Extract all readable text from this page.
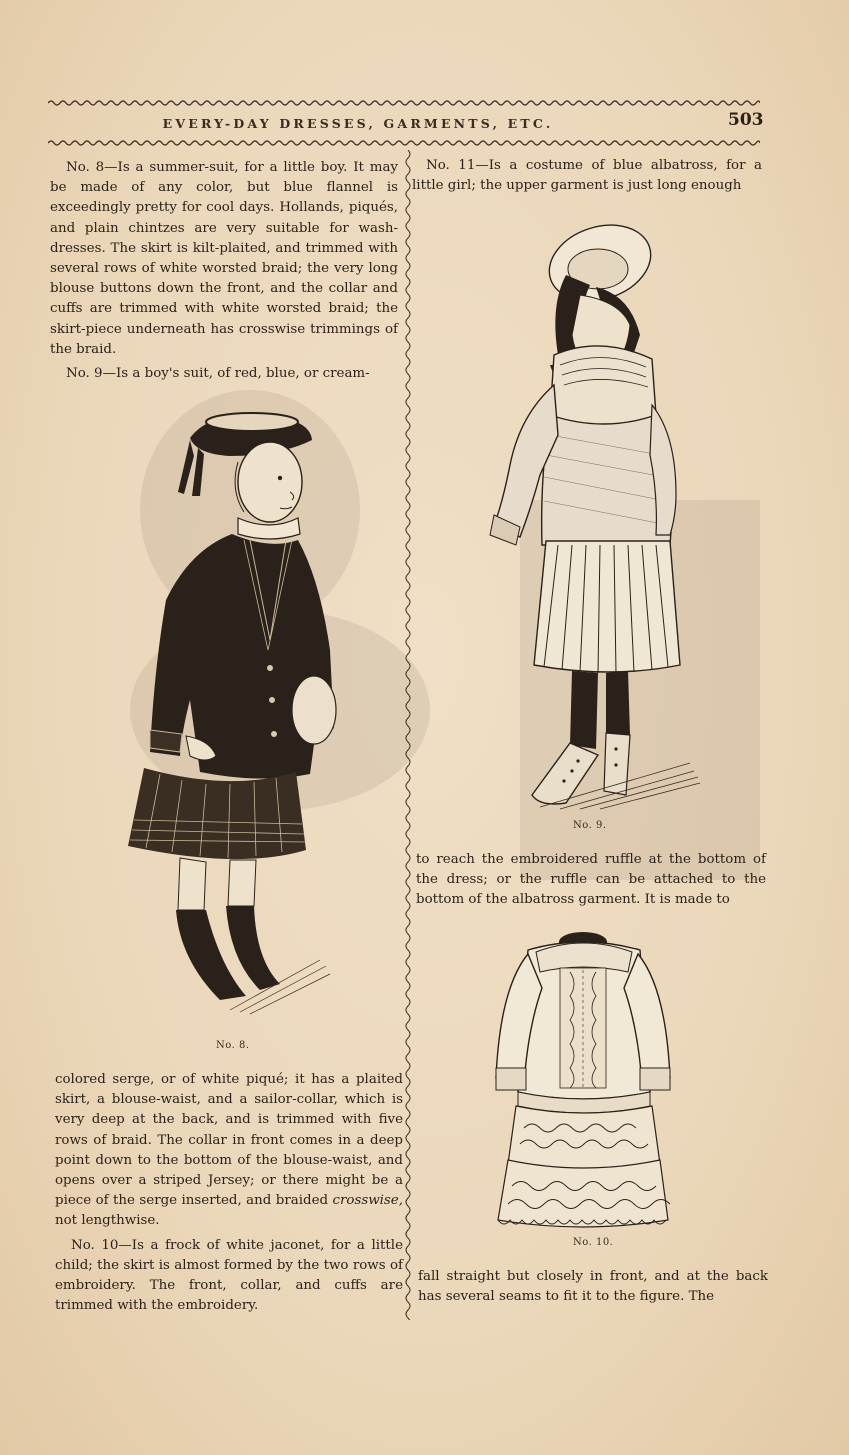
EVERY-DAY DRESSES, GARMENTS, ETC.	503

No. 8—Is a summer-suit, for a little boy. It may be made of any color, but blue flannel is exceedingly pretty for cool days. Hollands, piqués, and plain chintzes are very suitable for wash-dresses. The skirt is kilt-plaited, and trimmed with several rows of white worsted braid; the very long blouse buttons down the front, and the collar and cuffs are trimmed with white worsted braid; the skirt-piece underneath has crosswise trimmings of the braid.

No. 9—Is a boy's suit, of red, blue, or cream-

No. 8.

colored serge, or of white piqué; it has a plaited skirt, a blouse-waist, and a sailor-collar, which is very deep at the back, and is trimmed with five rows of braid. The collar in front comes in a deep point down to the bottom of the blouse-waist, and opens over a striped Jersey; or there might be a piece of the serge inserted, and braided crosswise, not lengthwise.

No. 10—Is a frock of white jaconet, for a little child; the skirt is almost formed by the two rows of embroidery. The front, collar, and cuffs are trimmed with the embroidery.

No. 11—Is a costume of blue albatross, for a little girl; the upper garment is just long enough

No. 9.

to reach the embroidered ruffle at the bottom of the dress; or the ruffle can be attached to the bottom of the albatross garment. It is made to

No. 10.

fall straight but closely in front, and at the back has several seams to fit it to the figure. The
